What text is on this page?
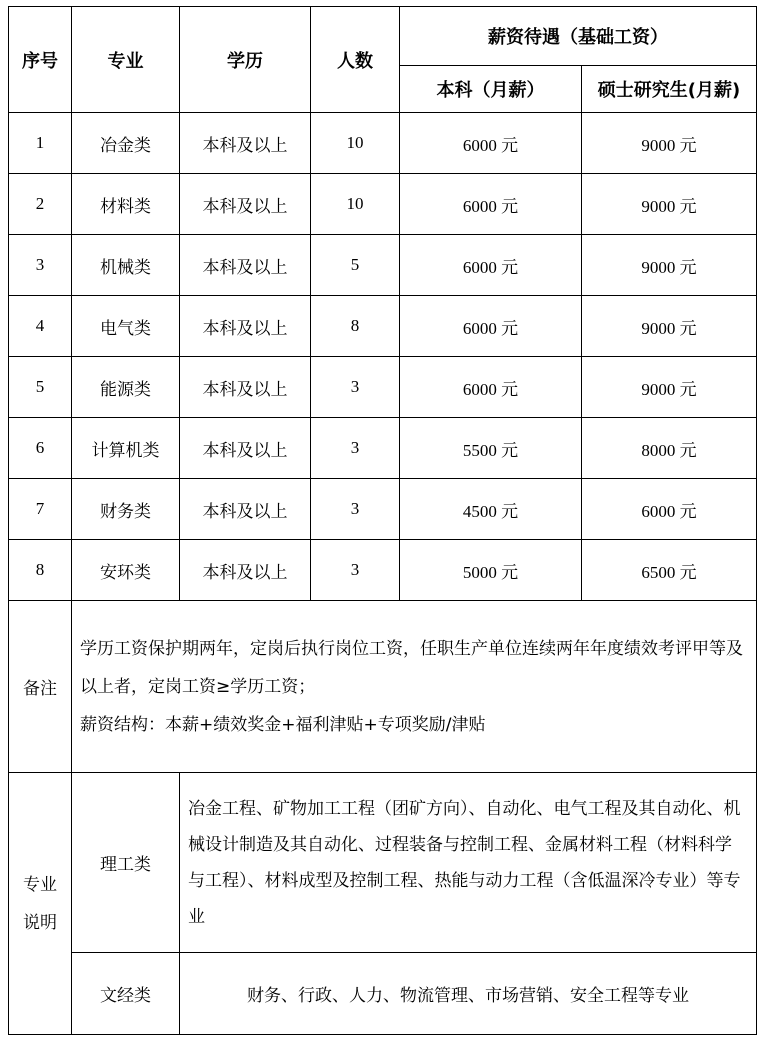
序号	专业	学历	人数	薪资待遇（基础工资）	
				本科（月薪）	硕士研究生(月薪)
1	冶金类	本科及以上	10	6000 元	9000 元
2	材料类	本科及以上	10	6000 元	9000 元
3	机械类	本科及以上	5	6000 元	9000 元
4	电气类	本科及以上	8	6000 元	9000 元
5	能源类	本科及以上	3	6000 元	9000 元
6	计算机类	本科及以上	3	5500 元	8000 元
7	财务类	本科及以上	3	4500 元	6000 元
8	安环类	本科及以上	3	5000 元	6500 元
备注	学历工资保护期两年，定岗后执行岗位工资，任职生产单位连续两年年度绩效考评甲等及以上者，定岗工资≥学历工资；
薪资结构：本薪+绩效奖金+福利津贴+专项奖励/津贴				

专业
说明	理工类	冶金工程、矿物加工工程（团矿方向）、自动化、电气工程及其自动化、机械设计制造及其自动化、过程装备与控制工程、金属材料工程（材料科学与工程）、材料成型及控制工程、热能与动力工程（含低温深冷专业）等专业			
	文经类	财务、行政、人力、物流管理、市场营销、安全工程等专业			
